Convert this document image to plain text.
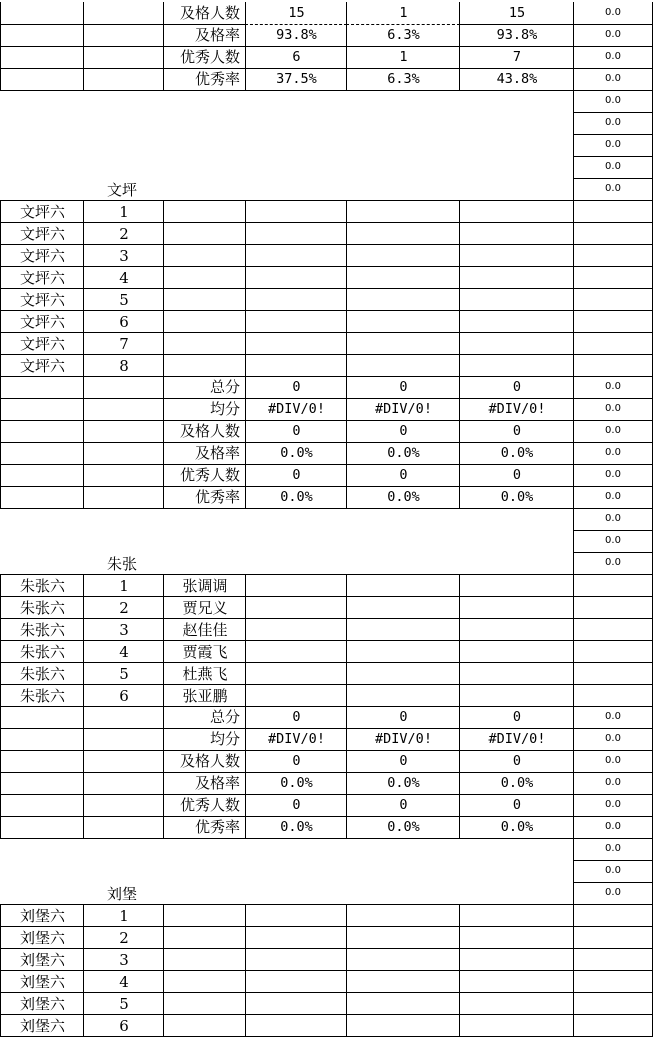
及格人数	15	1	15	0.0
及格率	93.8%	6.3%	93.8%	0.0
优秀人数	6	1	7	0.0
优秀率	37.5%	6.3%	43.8%	0.0
0.0
0.0
0.0
0.0
0.0
文坪
文坪六	1
文坪六	2
文坪六	3
文坪六	4
文坪六	5
文坪六	6
文坪六	7
文坪六	8
总分	0	0	0	0.0
均分	#DIV/0!	#DIV/0!	#DIV/0!	0.0
及格人数	0	0	0	0.0
及格率	0.0%	0.0%	0.0%	0.0
优秀人数	0	0	0	0.0
优秀率	0.0%	0.0%	0.0%	0.0
0.0
0.0
0.0
朱张
朱张六	1	张调调
朱张六	2	贾兄义
朱张六	3	赵佳佳
朱张六	4	贾霞飞
朱张六	5	杜燕飞
朱张六	6	张亚鹏
总分	0	0	0	0.0
均分	#DIV/0!	#DIV/0!	#DIV/0!	0.0
及格人数	0	0	0	0.0
及格率	0.0%	0.0%	0.0%	0.0
优秀人数	0	0	0	0.0
优秀率	0.0%	0.0%	0.0%	0.0
0.0
0.0
0.0
刘堡
刘堡六	1
刘堡六	2
刘堡六	3
刘堡六	4
刘堡六	5
刘堡六	6
